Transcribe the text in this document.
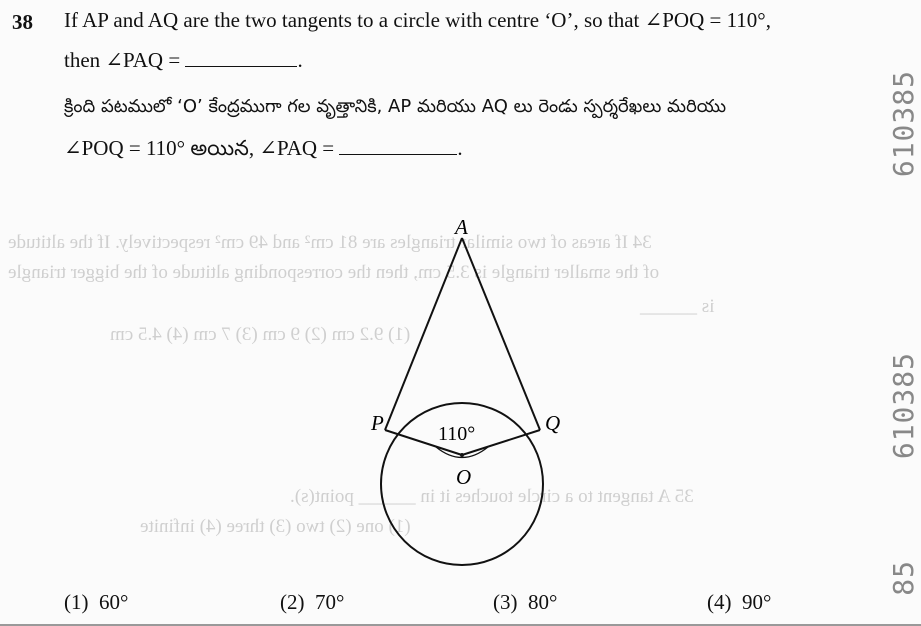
34 If areas of two similar triangles are 81 cm² and 49 cm² respectively. If the altitude
of the smaller triangle is 3.5 cm, then the corresponding altitude of the bigger triangle
is ______
(1) 9.2 cm (2) 9 cm (3) 7 cm (4) 4.5 cm
35 A tangent to a circle touches it in ______ point(s).
(1) one (2) two (3) three (4) infinite
38 If AP and AQ are the two tangents to a circle with centre ‘O’, so that ∠POQ = 110°,
then ∠PAQ =	.
క్రింది పటములో ‘O’ కేంద్రముగా గల వృత్తానికి, AP మరియు AQ లు రెండు స్పర్శరేఖలు మరియు
∠POQ = 110° అయిన, ∠PAQ =	.
A
P	Q
O
110°
610385
610385
85
(1) 60°	(2) 70°	(3) 80°	(4) 90°
